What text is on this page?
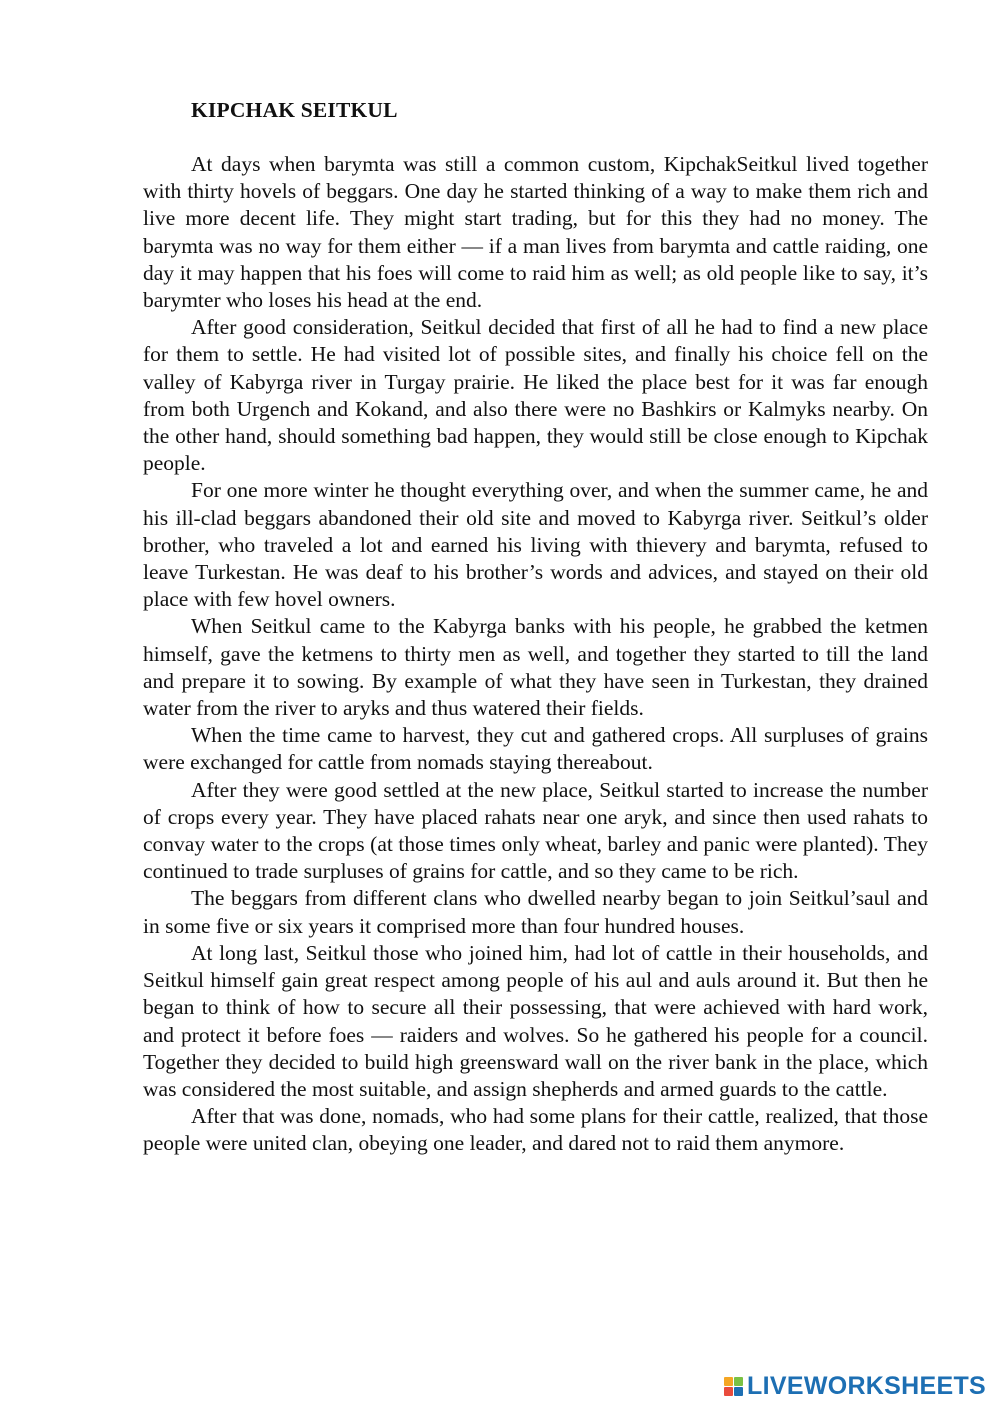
KIPCHAK SEITKUL

At days when barymta was still a common custom, KipchakSeitkul lived together with thirty hovels of beggars. One day he started thinking of a way to make them rich and live more decent life. They might start trading, but for this they had no money. The barymta was no way for them either — if a man lives from barymta and cattle raiding, one day it may happen that his foes will come to raid him as well; as old people like to say, it’s barymter who loses his head at the end.

After good consideration, Seitkul decided that first of all he had to find a new place for them to settle. He had visited lot of possible sites, and finally his choice fell on the valley of Kabyrga river in Turgay prairie. He liked the place best for it was far enough from both Urgench and Kokand, and also there were no Bashkirs or Kalmyks nearby. On the other hand, should something bad happen, they would still be close enough to Kipchak people.

For one more winter he thought everything over, and when the summer came, he and his ill-clad beggars abandoned their old site and moved to Kabyrga river. Seitkul’s older brother, who traveled a lot and earned his living with thievery and barymta, refused to leave Turkestan. He was deaf to his brother’s words and advices, and stayed on their old place with few hovel owners.

When Seitkul came to the Kabyrga banks with his people, he grabbed the ketmen himself, gave the ketmens to thirty men as well, and together they started to till the land and prepare it to sowing. By example of what they have seen in Turkestan, they drained water from the river to aryks and thus watered their fields.

When the time came to harvest, they cut and gathered crops. All surpluses of grains were exchanged for cattle from nomads staying thereabout.

After they were good settled at the new place, Seitkul started to increase the number of crops every year. They have placed rahats near one aryk, and since then used rahats to convay water to the crops (at those times only wheat, barley and panic were planted). They continued to trade surpluses of grains for cattle, and so they came to be rich.

The beggars from different clans who dwelled nearby began to join Seitkul’saul and in some five or six years it comprised more than four hundred houses.

At long last, Seitkul those who joined him, had lot of cattle in their households, and Seitkul himself gain great respect among people of his aul and auls around it. But then he began to think of how to secure all their possessing, that were achieved with hard work, and protect it before foes — raiders and wolves. So he gathered his people for a council. Together they decided to build high greensward wall on the river bank in the place, which was considered the most suitable, and assign shepherds and armed guards to the cattle.

After that was done, nomads, who had some plans for their cattle, realized, that those people were united clan, obeying one leader, and dared not to raid them anymore.

LIVEWORKSHEETS
